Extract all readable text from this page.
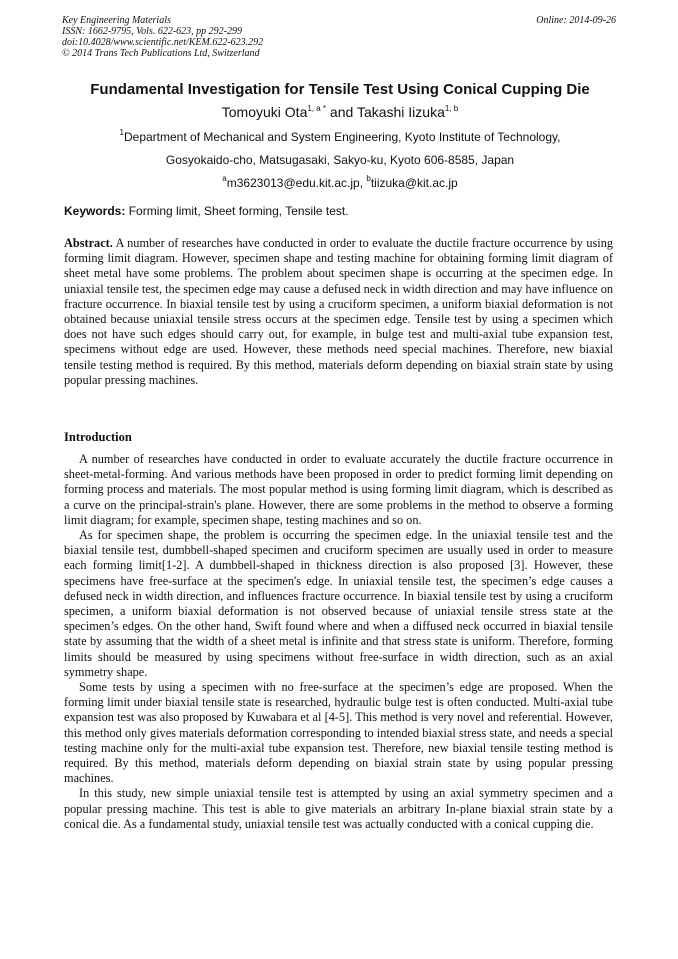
Key Engineering Materials
ISSN: 1662-9795, Vols. 622-623, pp 292-299
doi:10.4028/www.scientific.net/KEM.622-623.292
© 2014 Trans Tech Publications Ltd, Switzerland
Online: 2014-09-26
Fundamental Investigation for Tensile Test Using Conical Cupping Die
Tomoyuki Ota$^{1, a *}$ and Takashi Iizuka$^{1, b}$
$^1$Department of Mechanical and System Engineering, Kyoto Institute of Technology,
Gosyokaido-cho, Matsugasaki, Sakyo-ku, Kyoto 606-8585, Japan
$^a$m3623013@edu.kit.ac.jp, $^b$tiizuka@kit.ac.jp
Keywords: Forming limit, Sheet forming, Tensile test.

Abstract. A number of researches have conducted in order to evaluate the ductile fracture occurrence by using forming limit diagram. However, specimen shape and testing machine for obtaining forming limit diagram of sheet metal have some problems. The problem about specimen shape is occurring at the specimen edge. In uniaxial tensile test, the specimen edge may cause a defused neck in width direction and may have influence on fracture occurrence. In biaxial tensile test by using a cruciform specimen, a uniform biaxial deformation is not obtained because uniaxial tensile stress occurs at the specimen edge. Tensile test by using a specimen which does not have such edges should carry out, for example, in bulge test and multi-axial tube expansion test, specimens without edge are used. However, these methods need special machines. Therefore, new biaxial tensile testing method is required. By this method, materials deform depending on biaxial strain state by using popular pressing machines.

Introduction

A number of researches have conducted in order to evaluate accurately the ductile fracture occurrence in sheet-metal-forming. And various methods have been proposed in order to predict forming limit depending on forming process and materials. The most popular method is using forming limit diagram, which is described as a curve on the principal-strain's plane. However, there are some problems in the method to observe a forming limit diagram; for example, specimen shape, testing machines and so on.

As for specimen shape, the problem is occurring the specimen edge. In the uniaxial tensile test and the biaxial tensile test, dumbbell-shaped specimen and cruciform specimen are usually used in order to measure each forming limit[1-2]. A dumbbell-shaped in thickness direction is also proposed [3]. However, these specimens have free-surface at the specimen's edge. In uniaxial tensile test, the specimen’s edge causes a defused neck in width direction, and influences fracture occurrence. In biaxial tensile test by using a cruciform specimen, a uniform biaxial deformation is not observed because of uniaxial tensile stress state at the specimen’s edges. On the other hand, Swift found where and when a diffused neck occurred in biaxial tensile state by assuming that the width of a sheet metal is infinite and that stress state is uniform. Therefore, forming limits should be measured by using specimens without free-surface in width direction, such as an axial symmetry shape.

Some tests by using a specimen with no free-surface at the specimen’s edge are proposed. When the forming limit under biaxial tensile state is researched, hydraulic bulge test is often conducted. Multi-axial tube expansion test was also proposed by Kuwabara et al [4-5]. This method is very novel and referential. However, this method only gives materials deformation corresponding to intended biaxial stress state, and needs a special testing machine only for the multi-axial tube expansion test. Therefore, new biaxial tensile testing method is required. By this method, materials deform depending on biaxial strain state by using popular pressing machines.

In this study, new simple uniaxial tensile test is attempted by using an axial symmetry specimen and a popular pressing machine. This test is able to give materials an arbitrary In-plane biaxial strain state by a conical die. As a fundamental study, uniaxial tensile test was actually conducted with a conical cupping die.
